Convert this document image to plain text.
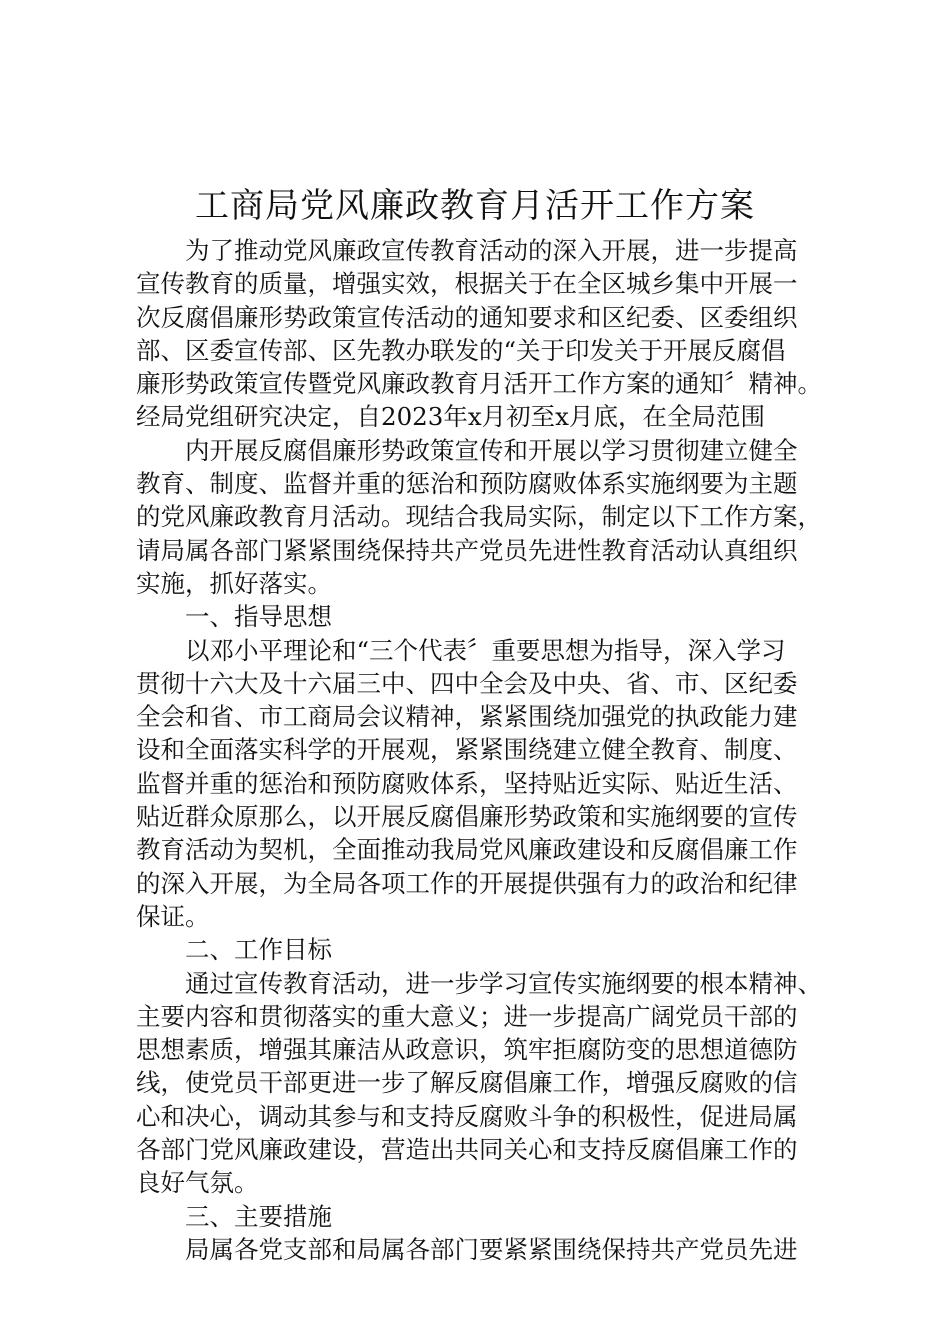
工商局党风廉政教育月活开工作方案
为了推动党风廉政宣传教育活动的深入开展，进一步提高
宣传教育的质量，增强实效，根据关于在全区城乡集中开展一
次反腐倡廉形势政策宣传活动的通知要求和区纪委、区委组织
部、区委宣传部、区先教办联发的“关于印发关于开展反腐倡
廉形势政策宣传暨党风廉政教育月活开工作方案的通知〞精神。
经局党组研究决定，自2023年x月初至x月底，在全局范围
内开展反腐倡廉形势政策宣传和开展以学习贯彻建立健全
教育、制度、监督并重的惩治和预防腐败体系实施纲要为主题
的党风廉政教育月活动。现结合我局实际，制定以下工作方案，
请局属各部门紧紧围绕保持共产党员先进性教育活动认真组织
实施，抓好落实。
一、指导思想
以邓小平理论和“三个代表〞重要思想为指导，深入学习
贯彻十六大及十六届三中、四中全会及中央、省、市、区纪委
全会和省、市工商局会议精神，紧紧围绕加强党的执政能力建
设和全面落实科学的开展观，紧紧围绕建立健全教育、制度、
监督并重的惩治和预防腐败体系，坚持贴近实际、贴近生活、
贴近群众原那么，以开展反腐倡廉形势政策和实施纲要的宣传
教育活动为契机，全面推动我局党风廉政建设和反腐倡廉工作
的深入开展，为全局各项工作的开展提供强有力的政治和纪律
保证。
二、工作目标
通过宣传教育活动，进一步学习宣传实施纲要的根本精神、
主要内容和贯彻落实的重大意义；进一步提高广阔党员干部的
思想素质，增强其廉洁从政意识，筑牢拒腐防变的思想道德防
线，使党员干部更进一步了解反腐倡廉工作，增强反腐败的信
心和决心，调动其参与和支持反腐败斗争的积极性，促进局属
各部门党风廉政建设，营造出共同关心和支持反腐倡廉工作的
良好气氛。
三、主要措施
局属各党支部和局属各部门要紧紧围绕保持共产党员先进
